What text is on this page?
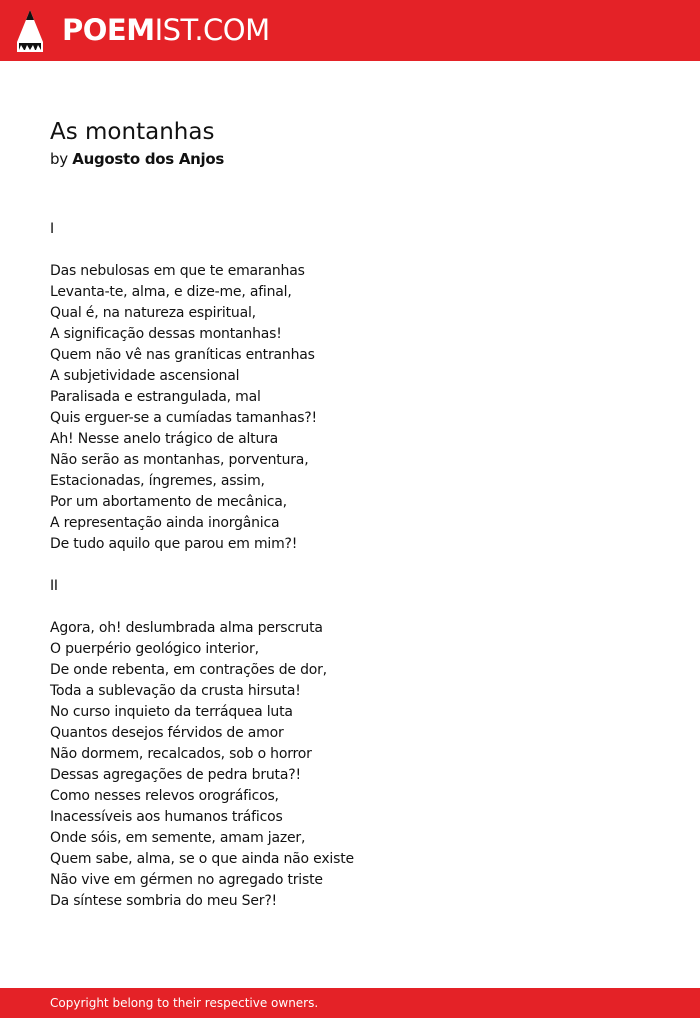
POEMIST.COM
As montanhas
by Augosto dos Anjos
I
Das nebulosas em que te emaranhas
Levanta-te, alma, e dize-me, afinal,
Qual é, na natureza espiritual,
A significação dessas montanhas!
Quem não vê nas graníticas entranhas
A subjetividade ascensional
Paralisada e estrangulada, mal
Quis erguer-se a cumíadas tamanhas?!
Ah! Nesse anelo trágico de altura
Não serão as montanhas, porventura,
Estacionadas, íngremes, assim,
Por um abortamento de mecânica,
A representação ainda inorgânica
De tudo aquilo que parou em mim?!
II
Agora, oh! deslumbrada alma perscruta
O puerpério geológico interior,
De onde rebenta, em contrações de dor,
Toda a sublevação da crusta hirsuta!
No curso inquieto da terráquea luta
Quantos desejos férvidos de amor
Não dormem, recalcados, sob o horror
Dessas agregações de pedra bruta?!
Como nesses relevos orográficos,
Inacessíveis aos humanos tráficos
Onde sóis, em semente, amam jazer,
Quem sabe, alma, se o que ainda não existe
Não vive em gérmen no agregado triste
Da síntese sombria do meu Ser?!
Copyright belong to their respective owners.
